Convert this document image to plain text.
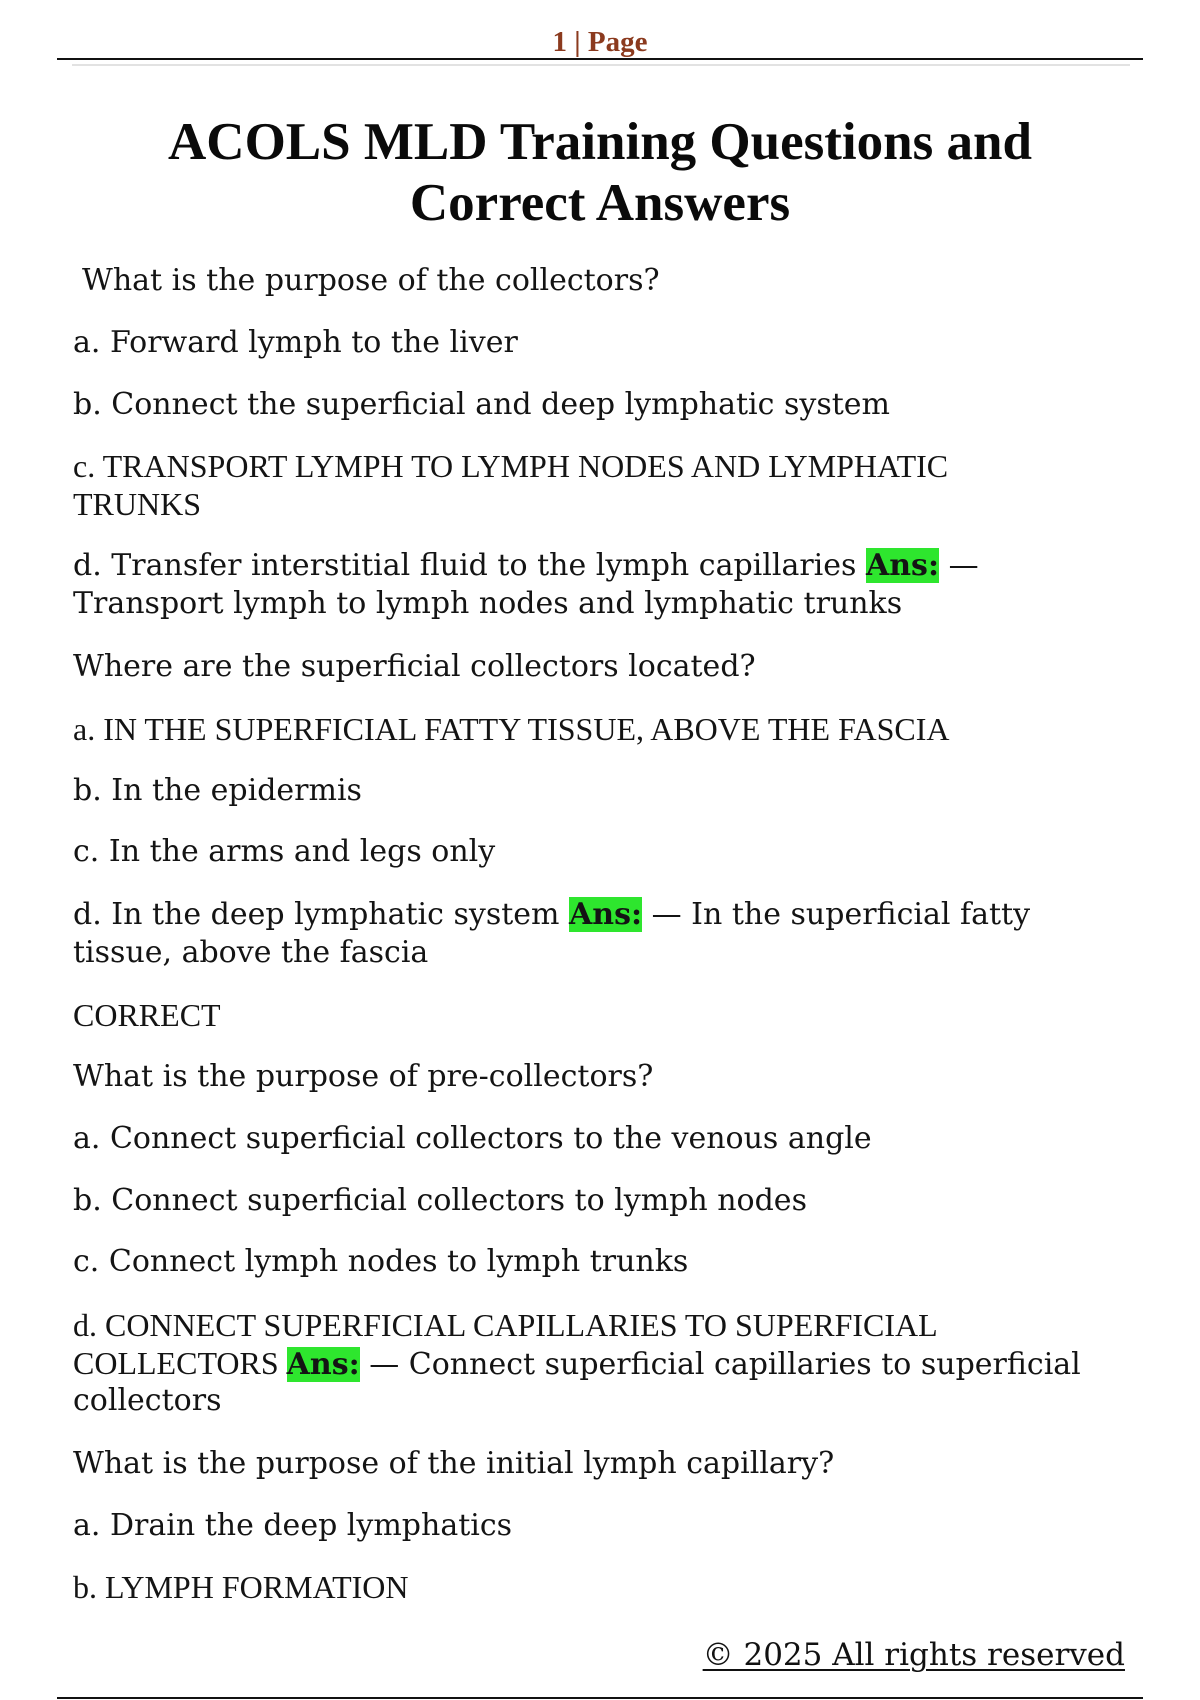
1 | Page
ACOLS MLD Training Questions and
Correct Answers
What is the purpose of the collectors?
a. Forward lymph to the liver
b. Connect the superficial and deep lymphatic system
c. TRANSPORT LYMPH TO LYMPH NODES AND LYMPHATIC
TRUNKS
d. Transfer interstitial fluid to the lymph capillaries Ans: —
Transport lymph to lymph nodes and lymphatic trunks
Where are the superficial collectors located?
a. IN THE SUPERFICIAL FATTY TISSUE, ABOVE THE FASCIA
b. In the epidermis
c. In the arms and legs only
d. In the deep lymphatic system Ans: — In the superficial fatty
tissue, above the fascia
CORRECT
What is the purpose of pre-collectors?
a. Connect superficial collectors to the venous angle
b. Connect superficial collectors to lymph nodes
c. Connect lymph nodes to lymph trunks
d. CONNECT SUPERFICIAL CAPILLARIES TO SUPERFICIAL
COLLECTORS Ans: — Connect superficial capillaries to superficial
collectors
What is the purpose of the initial lymph capillary?
a. Drain the deep lymphatics
b. LYMPH FORMATION
© 2025 All rights reserved
